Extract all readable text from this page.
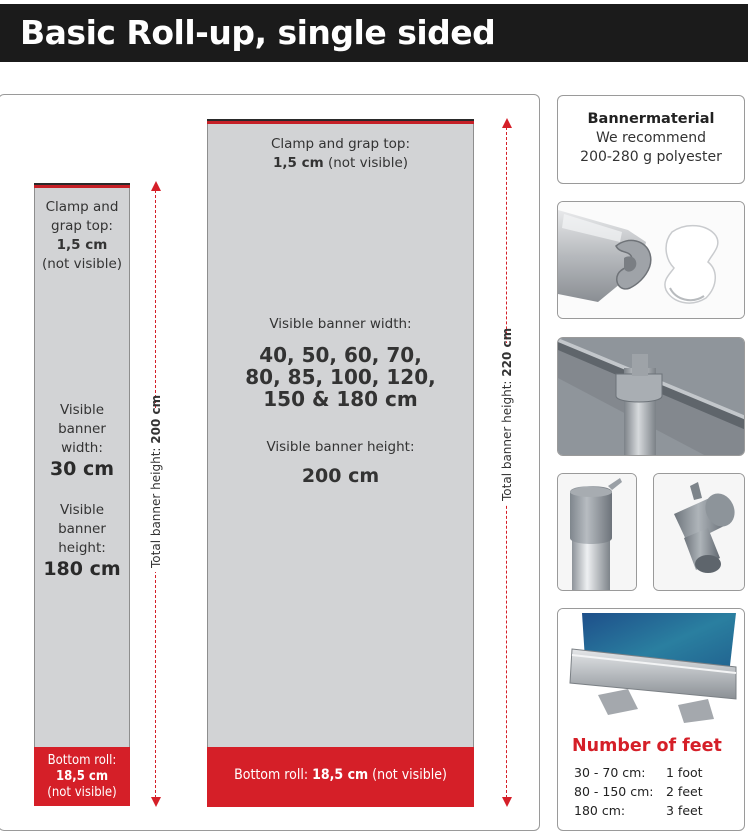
Basic Roll-up, single sided
Clamp and
grap top:
1,5 cm
(not visible)
Visible
banner
width:
30 cm
Visible
banner
height:
180 cm
Bottom roll:
18,5 cm
(not visible)
Total banner height: 200 cm
Clamp and grap top:
1,5 cm (not visible)
Visible banner width:
40, 50, 60, 70,
80, 85, 100, 120,
150 & 180 cm
Visible banner height:
200 cm
Bottom roll: 18,5 cm (not visible)
Total banner height: 220 cm
Bannermaterial
We recommend
200-280 g polyester
Number of feet
30 - 70 cm: 1 foot
80 - 150 cm: 2 feet
180 cm:	3 feet
